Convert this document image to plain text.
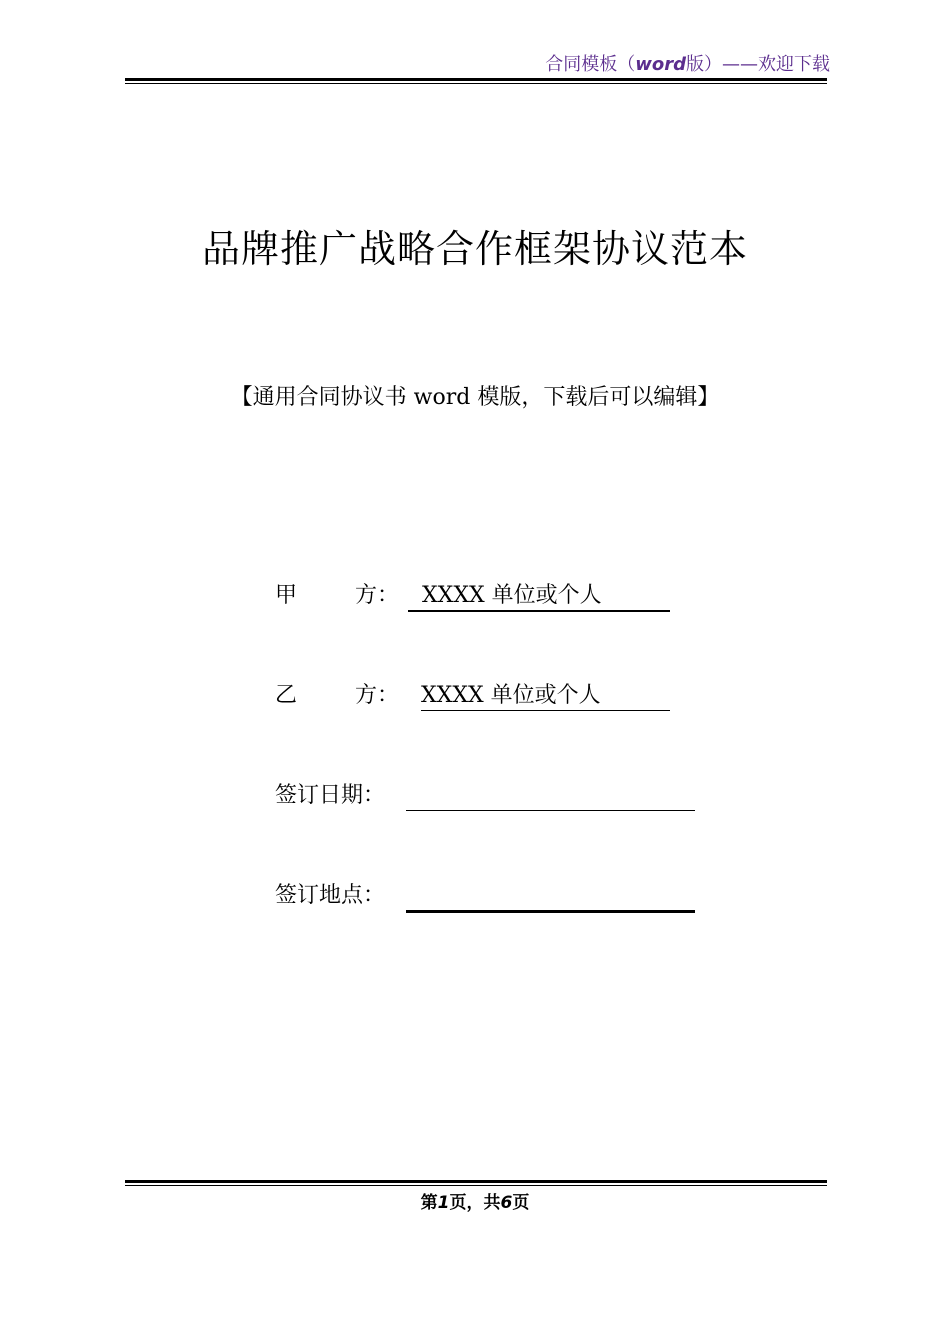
合同模板（word版）——欢迎下载
品牌推广战略合作框架协议范本
【通用合同协议书 word 模版，下载后可以编辑】
甲	方： XXXX 单位或个人
乙	方： XXXX 单位或个人
签订日期：
签订地点：
第1页，共6页
